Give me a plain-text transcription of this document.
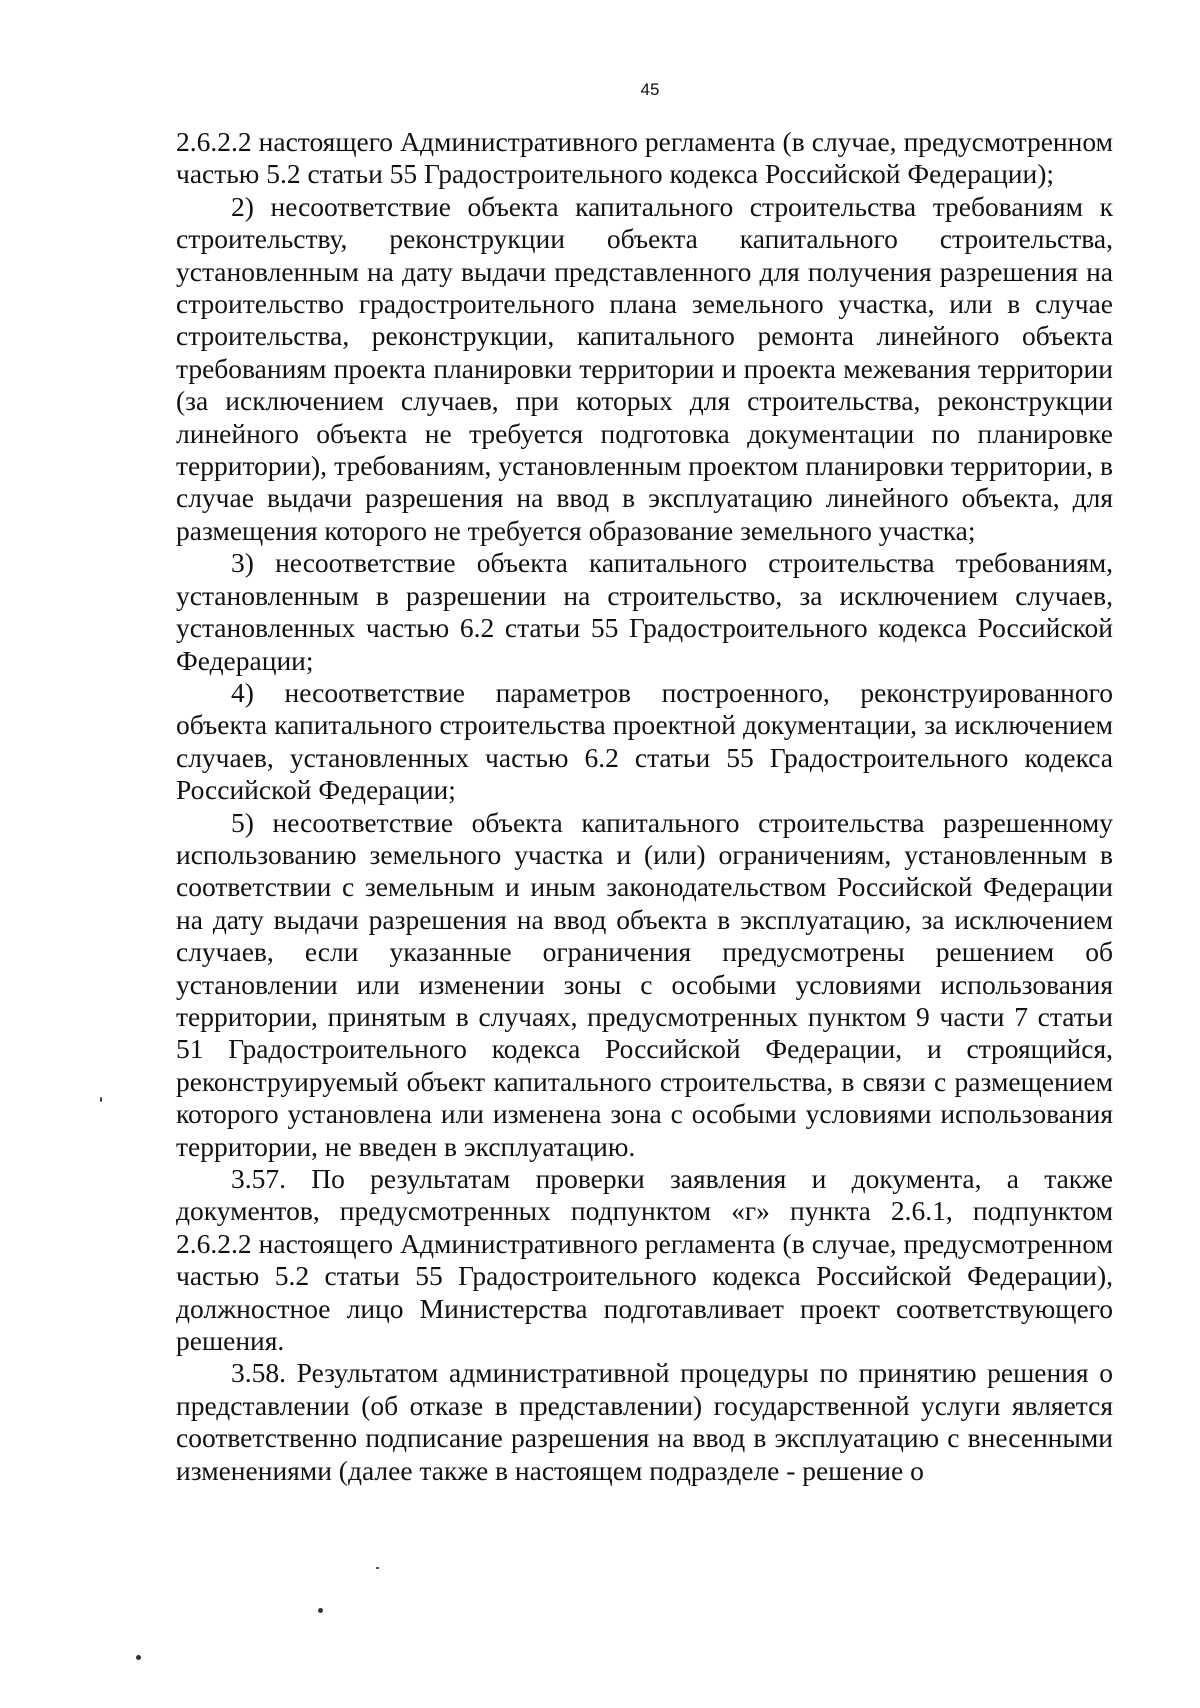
45

2.6.2.2 настоящего Административного регламента (в случае, предусмотренном частью 5.2 статьи 55 Градостроительного кодекса Российской Федерации);

2) несоответствие объекта капитального строительства требованиям к строительству, реконструкции объекта капитального строительства, установленным на дату выдачи представленного для получения разрешения на строительство градостроительного плана земельного участка, или в случае строительства, реконструкции, капитального ремонта линейного объекта требованиям проекта планировки территории и проекта межевания территории (за исключением случаев, при которых для строительства, реконструкции линейного объекта не требуется подготовка документации по планировке территории), требованиям, установленным проектом планировки территории, в случае выдачи разрешения на ввод в эксплуатацию линейного объекта, для размещения которого не требуется образование земельного участка;

3) несоответствие объекта капитального строительства требованиям, установленным в разрешении на строительство, за исключением случаев, установленных частью 6.2 статьи 55 Градостроительного кодекса Российской Федерации;

4) несоответствие параметров построенного, реконструированного объекта капитального строительства проектной документации, за исключением случаев, установленных частью 6.2 статьи 55 Градостроительного кодекса Российской Федерации;

5) несоответствие объекта капитального строительства разрешенному использованию земельного участка и (или) ограничениям, установленным в соответствии с земельным и иным законодательством Российской Федерации на дату выдачи разрешения на ввод объекта в эксплуатацию, за исключением случаев, если указанные ограничения предусмотрены решением об установлении или изменении зоны с особыми условиями использования территории, принятым в случаях, предусмотренных пунктом 9 части 7 статьи 51 Градостроительного кодекса Российской Федерации, и строящийся, реконструируемый объект капитального строительства, в связи с размещением которого установлена или изменена зона с особыми условиями использования территории, не введен в эксплуатацию.

3.57. По результатам проверки заявления и документа, а также документов, предусмотренных подпунктом «г» пункта 2.6.1, подпунктом 2.6.2.2 настоящего Административного регламента (в случае, предусмотренном частью 5.2 статьи 55 Градостроительного кодекса Российской Федерации), должностное лицо Министерства подготавливает проект соответствующего решения.

3.58. Результатом административной процедуры по принятию решения о представлении (об отказе в представлении) государственной услуги является соответственно подписание разрешения на ввод в эксплуатацию с внесенными изменениями (далее также в настоящем подразделе - решение о
